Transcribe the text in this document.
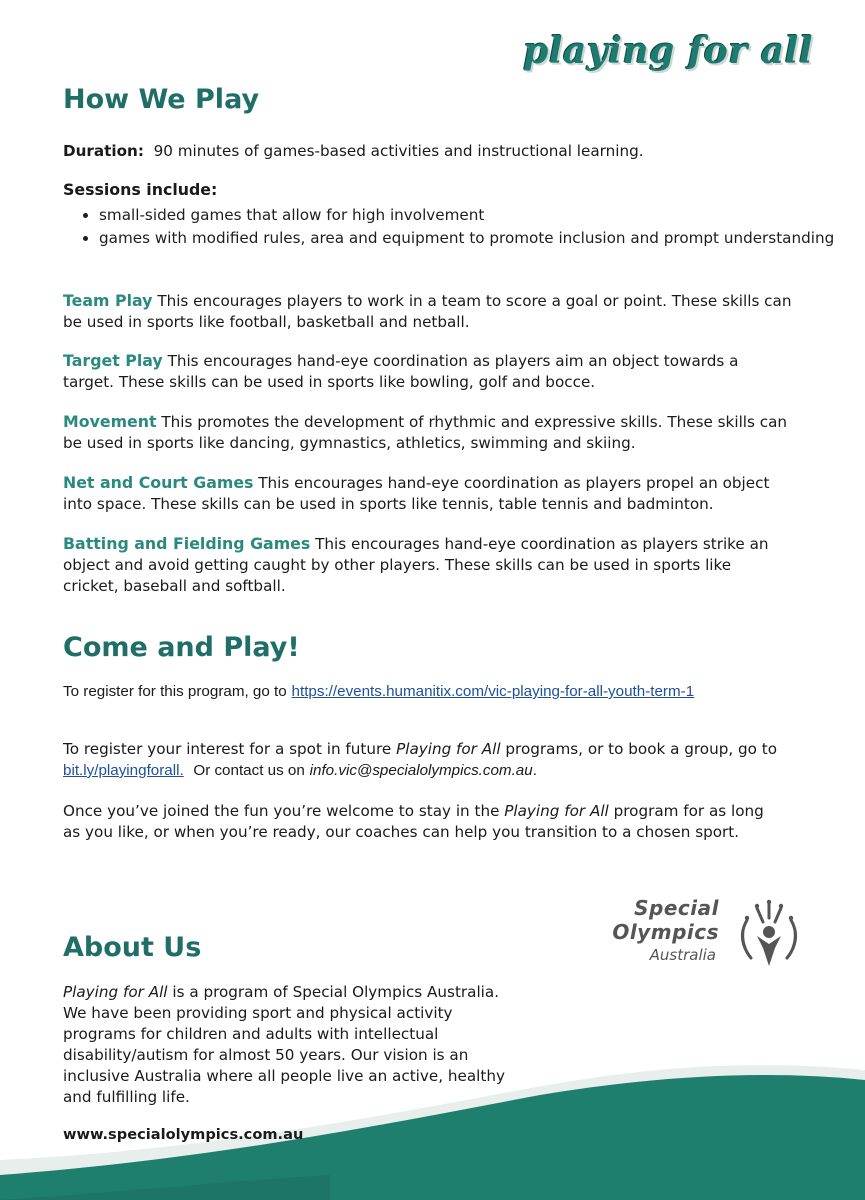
playing for all
How We Play
Duration: 90 minutes of games-based activities and instructional learning.
Sessions include:
• small-sided games that allow for high involvement
• games with modified rules, area and equipment to promote inclusion and prompt understanding
Team Play This encourages players to work in a team to score a goal or point. These skills can be used in sports like football, basketball and netball.
Target Play This encourages hand-eye coordination as players aim an object towards a target. These skills can be used in sports like bowling, golf and bocce.
Movement This promotes the development of rhythmic and expressive skills. These skills can be used in sports like dancing, gymnastics, athletics, swimming and skiing.
Net and Court Games This encourages hand-eye coordination as players propel an object into space. These skills can be used in sports like tennis, table tennis and badminton.
Batting and Fielding Games This encourages hand-eye coordination as players strike an object and avoid getting caught by other players. These skills can be used in sports like cricket, baseball and softball.
Come and Play!
To register for this program, go to https://events.humanitix.com/vic-playing-for-all-youth-term-1
To register your interest for a spot in future Playing for All programs, or to book a group, go to bit.ly/playingforall. Or contact us on info.vic@specialolympics.com.au.
Once you’ve joined the fun you’re welcome to stay in the Playing for All program for as long as you like, or when you’re ready, our coaches can help you transition to a chosen sport.
About Us
Playing for All is a program of Special Olympics Australia. We have been providing sport and physical activity programs for children and adults with intellectual disability/autism for almost 50 years. Our vision is an inclusive Australia where all people live an active, healthy and fulfilling life.
Special
Olympics
Australia
www.specialolympics.com.au
